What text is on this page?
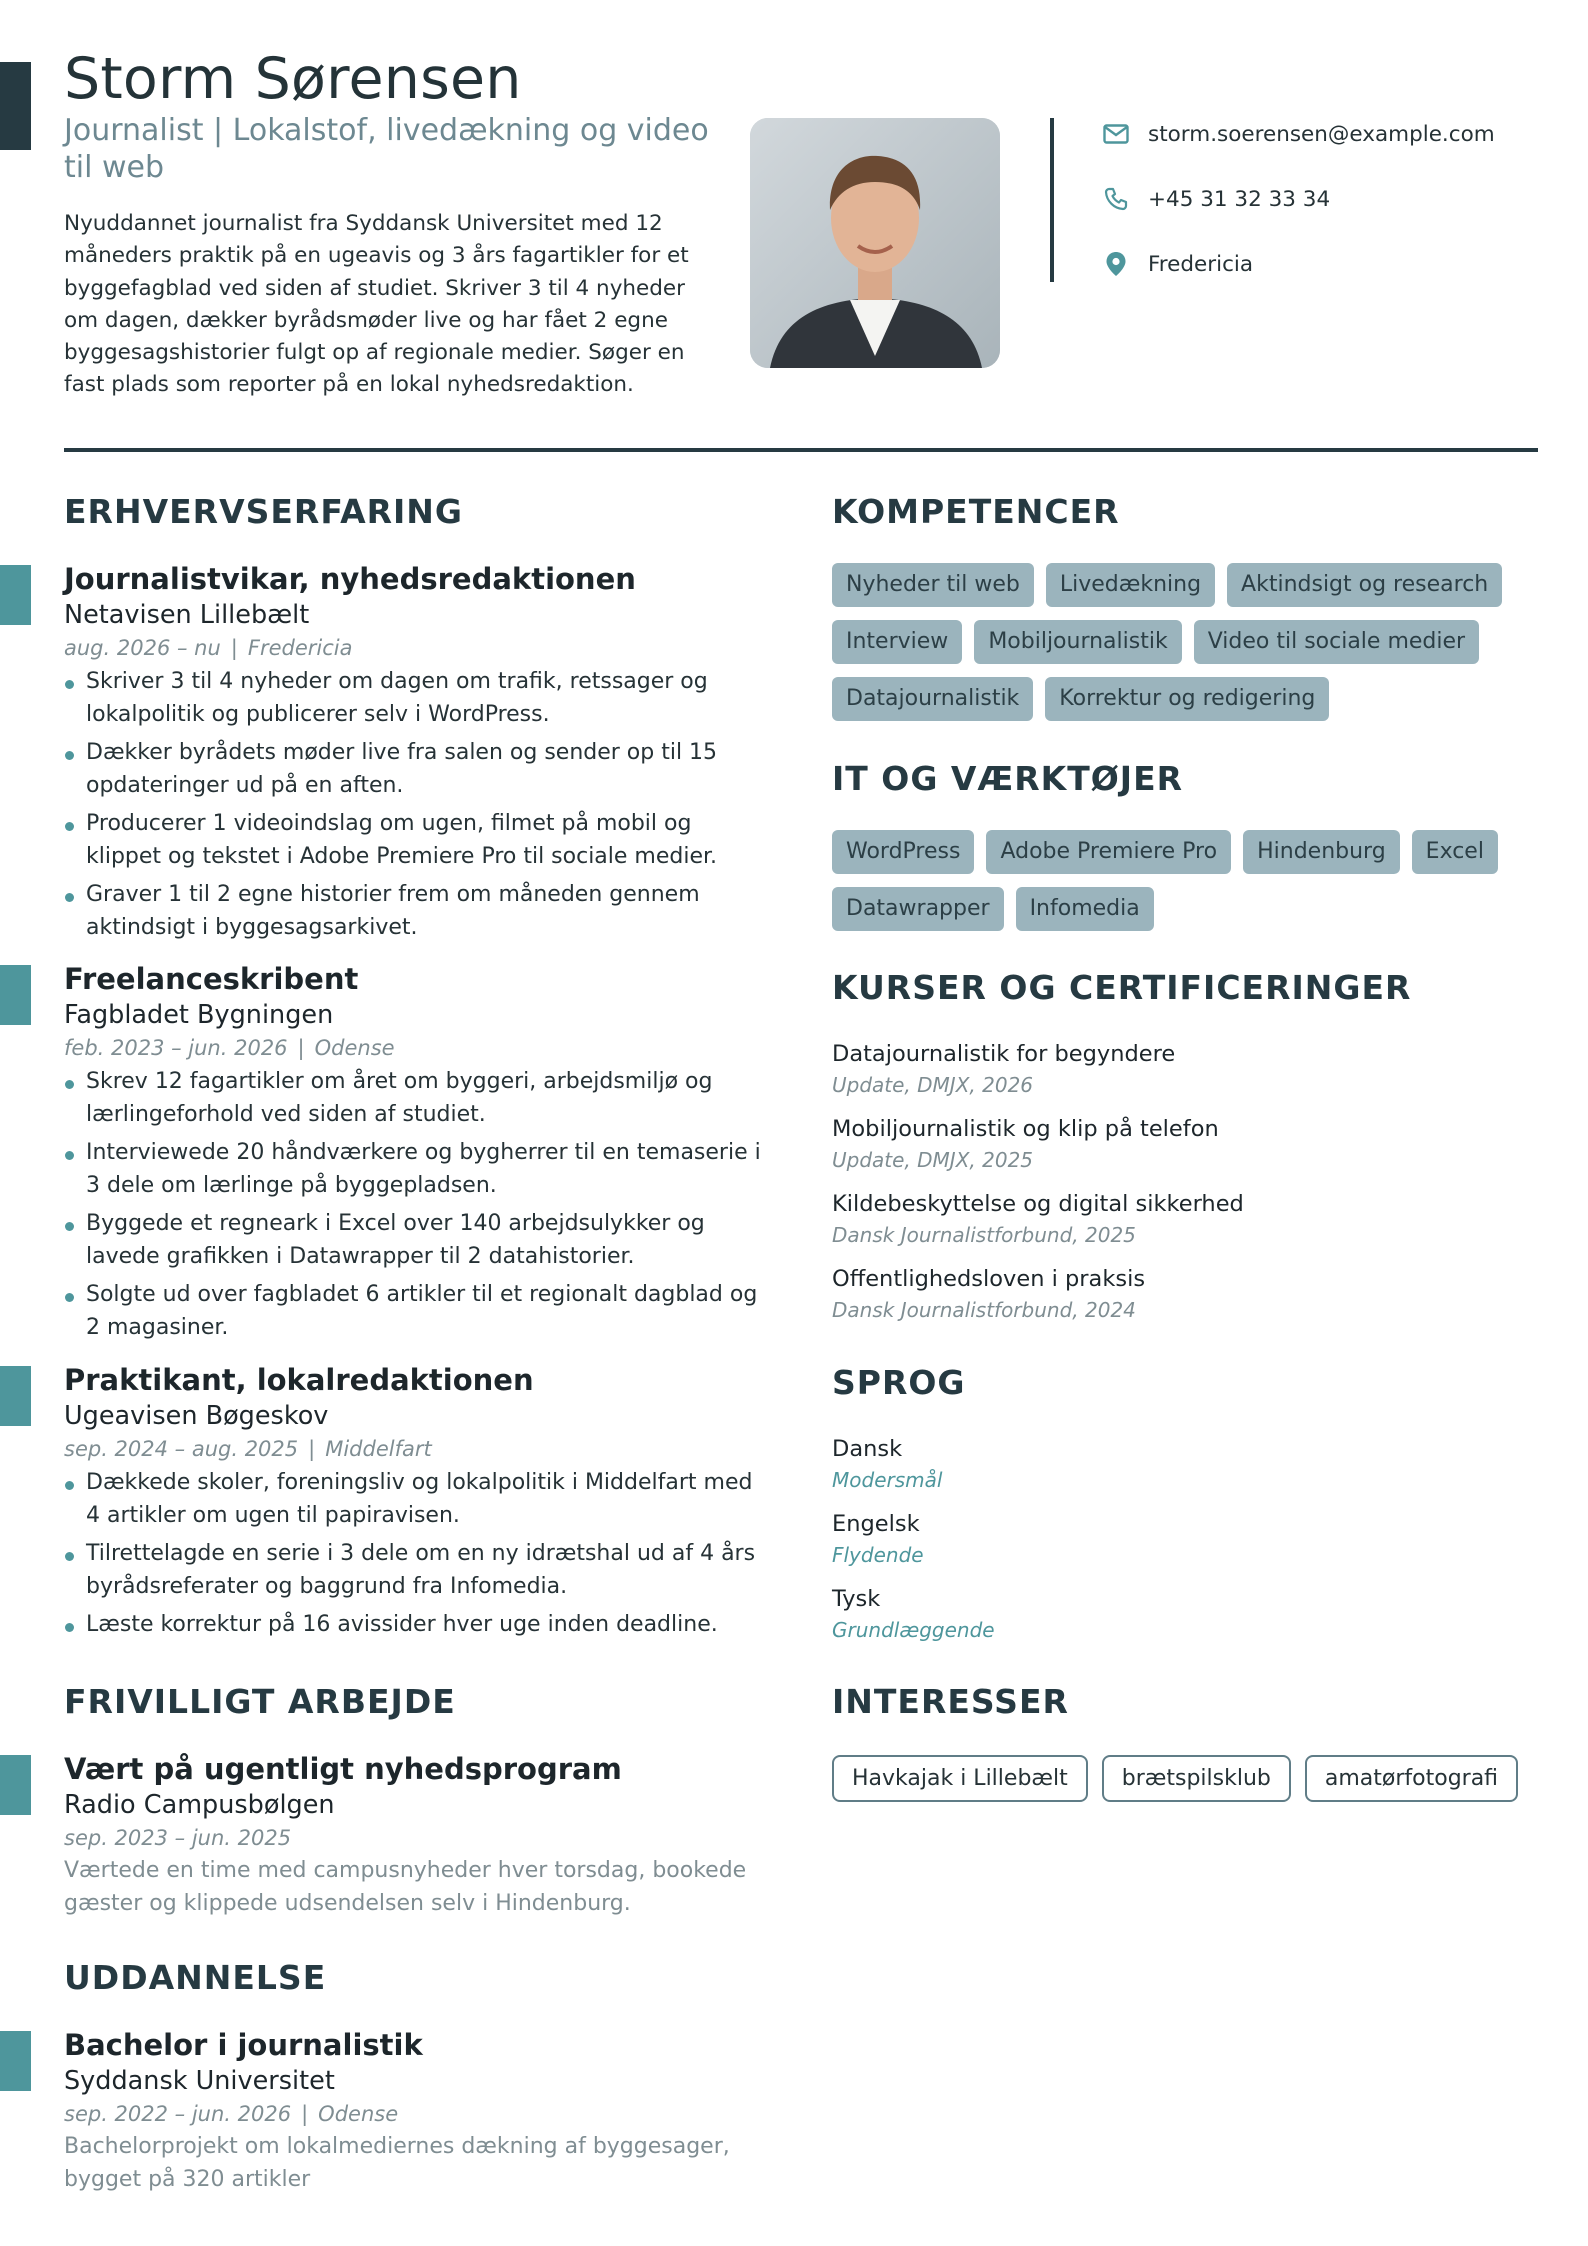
Storm Sørensen
Journalist | Lokalstof, livedækning og video til web
Nyuddannet journalist fra Syddansk Universitet med 12 måneders praktik på en ugeavis og 3 års fagartikler for et byggefagblad ved siden af studiet. Skriver 3 til 4 nyheder om dagen, dækker byrådsmøder live og har fået 2 egne byggesagshistorier fulgt op af regionale medier. Søger en fast plads som reporter på en lokal nyhedsredaktion.
storm.soerensen@example.com
+45 31 32 33 34
Fredericia
ERHVERVSERFARING
Journalistvikar, nyhedsredaktionen
Netavisen Lillebælt
aug. 2026 – nu | Fredericia
Skriver 3 til 4 nyheder om dagen om trafik, retssager og lokalpolitik og publicerer selv i WordPress.
Dækker byrådets møder live fra salen og sender op til 15 opdateringer ud på en aften.
Producerer 1 videoindslag om ugen, filmet på mobil og klippet og tekstet i Adobe Premiere Pro til sociale medier.
Graver 1 til 2 egne historier frem om måneden gennem aktindsigt i byggesagsarkivet.
Freelanceskribent
Fagbladet Bygningen
feb. 2023 – jun. 2026 | Odense
Skrev 12 fagartikler om året om byggeri, arbejdsmiljø og lærlingeforhold ved siden af studiet.
Interviewede 20 håndværkere og bygherrer til en temaserie i 3 dele om lærlinge på byggepladsen.
Byggede et regneark i Excel over 140 arbejdsulykker og lavede grafikken i Datawrapper til 2 datahistorier.
Solgte ud over fagbladet 6 artikler til et regionalt dagblad og 2 magasiner.
Praktikant, lokalredaktionen
Ugeavisen Bøgeskov
sep. 2024 – aug. 2025 | Middelfart
Dækkede skoler, foreningsliv og lokalpolitik i Middelfart med 4 artikler om ugen til papiravisen.
Tilrettelagde en serie i 3 dele om en ny idrætshal ud af 4 års byrådsreferater og baggrund fra Infomedia.
Læste korrektur på 16 avissider hver uge inden deadline.
FRIVILLIGT ARBEJDE
Vært på ugentligt nyhedsprogram
Radio Campusbølgen
sep. 2023 – jun. 2025
Værtede en time med campusnyheder hver torsdag, bookede gæster og klippede udsendelsen selv i Hindenburg.
UDDANNELSE
Bachelor i journalistik
Syddansk Universitet
sep. 2022 – jun. 2026 | Odense
Bachelorprojekt om lokalmediernes dækning af byggesager, bygget på 320 artikler
KOMPETENCER
Nyheder til web	Livedækning	Aktindsigt og research
Interview	Mobiljournalistik	Video til sociale medier
Datajournalistik	Korrektur og redigering
IT OG VÆRKTØJER
WordPress	Adobe Premiere Pro	Hindenburg	Excel
Datawrapper	Infomedia
KURSER OG CERTIFICERINGER
Datajournalistik for begyndere
Update, DMJX, 2026
Mobiljournalistik og klip på telefon
Update, DMJX, 2025
Kildebeskyttelse og digital sikkerhed
Dansk Journalistforbund, 2025
Offentlighedsloven i praksis
Dansk Journalistforbund, 2024
SPROG
Dansk
Modersmål
Engelsk
Flydende
Tysk
Grundlæggende
INTERESSER
Havkajak i Lillebælt	brætspilsklub	amatørfotografi
